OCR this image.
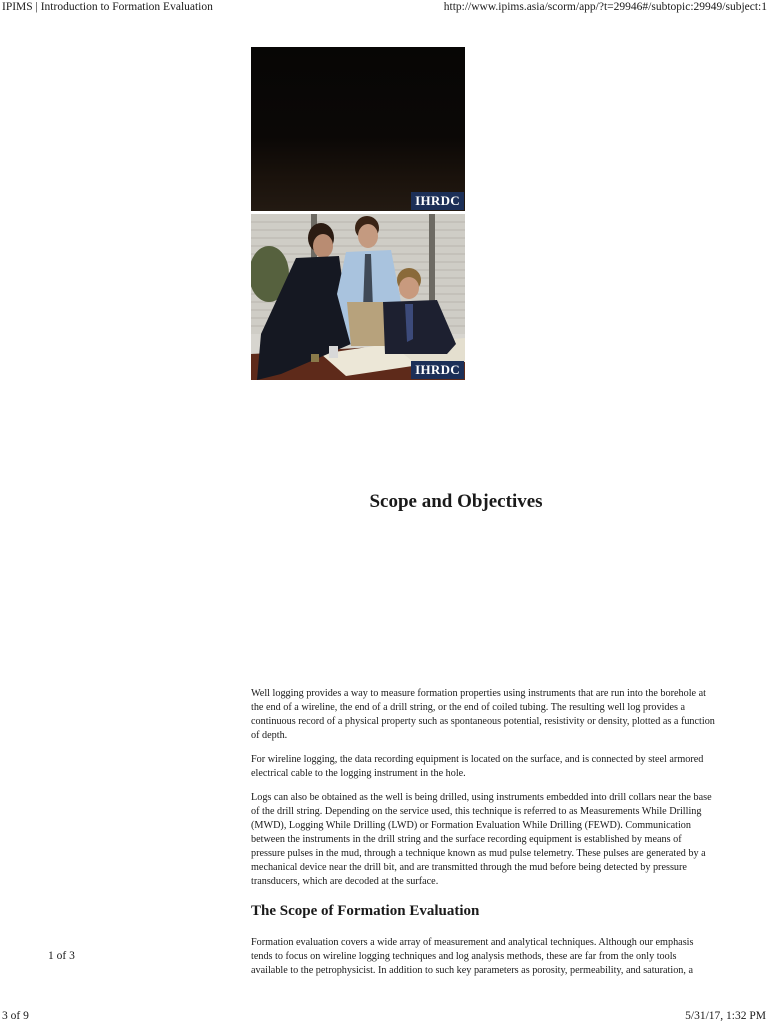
IPIMS | Introduction to Formation Evaluation	http://www.ipims.asia/scorm/app/?t=29946#/subtopic:29949/subject:1
IHRDC
IHRDC
Scope and Objectives

Well logging provides a way to measure formation properties using instruments that are run into the borehole at the end of a wireline, the end of a drill string, or the end of coiled tubing. The resulting well log provides a continuous record of a physical property such as spontaneous potential, resistivity or density, plotted as a function of depth.

For wireline logging, the data recording equipment is located on the surface, and is connected by steel armored electrical cable to the logging instrument in the hole.

Logs can also be obtained as the well is being drilled, using instruments embedded into drill collars near the base of the drill string. Depending on the service used, this technique is referred to as Measurements While Drilling (MWD), Logging While Drilling (LWD) or Formation Evaluation While Drilling (FEWD). Communication between the instruments in the drill string and the surface recording equipment is established by means of pressure pulses in the mud, through a technique known as mud pulse telemetry. These pulses are generated by a mechanical device near the drill bit, and are transmitted through the mud before being detected by pressure transducers, which are decoded at the surface.

The Scope of Formation Evaluation

Formation evaluation covers a wide array of measurement and analytical techniques. Although our emphasis tends to focus on wireline logging techniques and log analysis methods, these are far from the only tools available to the petrophysicist. In addition to such key parameters as porosity, permeability, and saturation, a

1 of 3
3 of 9	5/31/17, 1:32 PM
